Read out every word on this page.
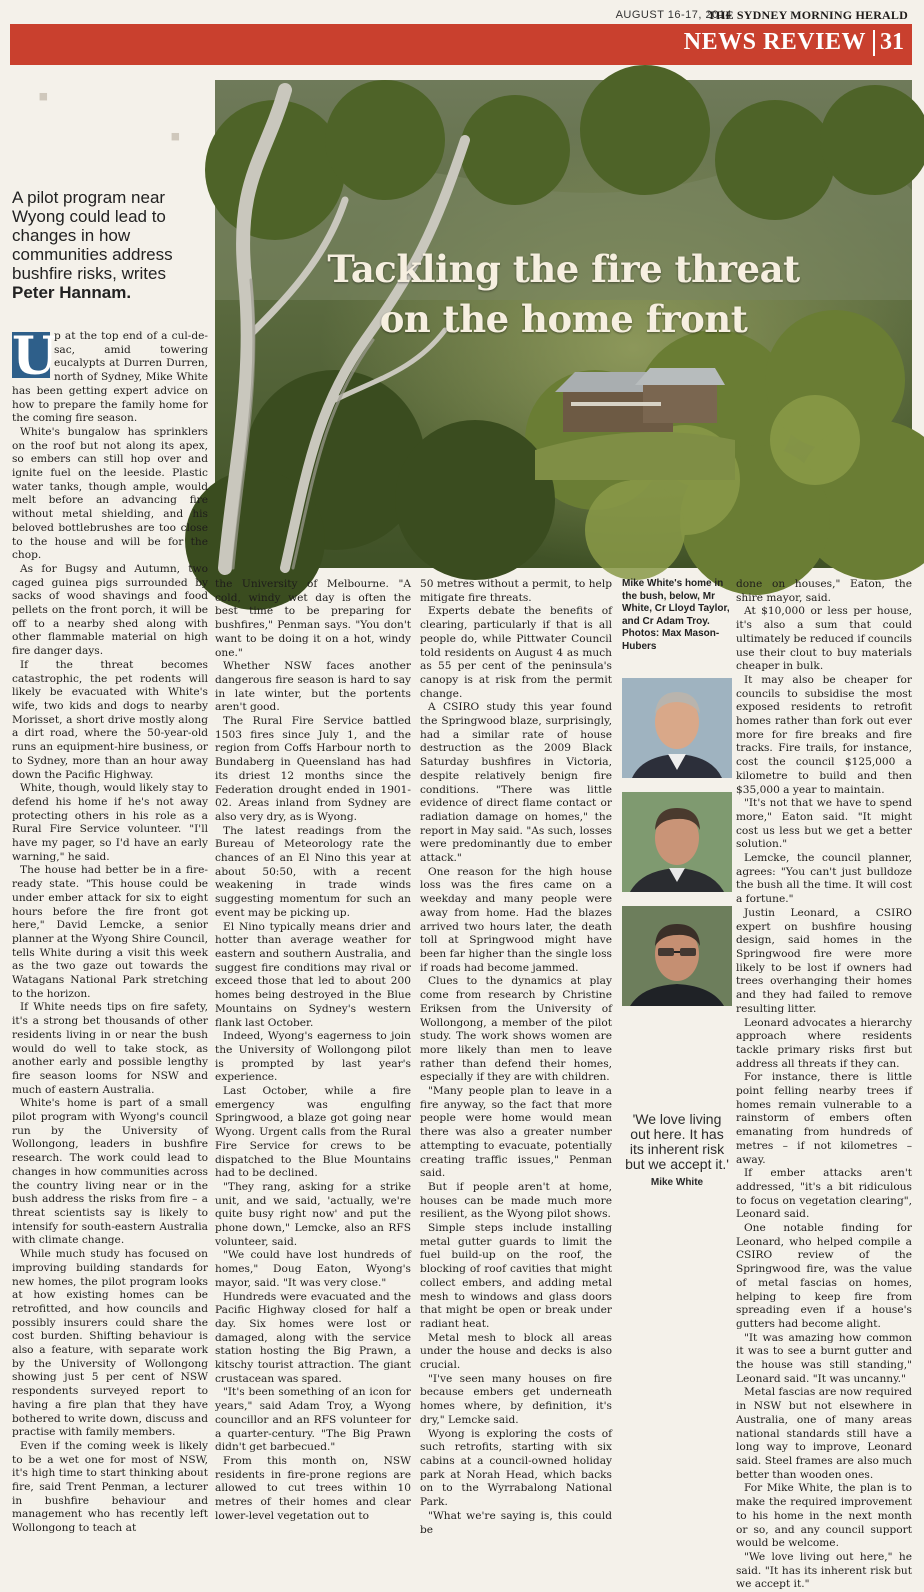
AUGUST 16-17, 2014
THE SYDNEY MORNING HERALD
NEWS REVIEW 31
▪
▪
A pilot program near Wyong could lead to changes in how communities address bushfire risks, writes Peter Hannam.
Tackling the fire threat
on the home front
U

p at the top end of a cul-de-sac, amid towering eucalypts at Durren Durren, north of Sydney, Mike White has been getting expert advice on how to prepare the family home for the coming fire season.

White's bungalow has sprinklers on the roof but not along its apex, so embers can still hop over and ignite fuel on the leeside. Plastic water tanks, though ample, would melt before an advancing fire without metal shielding, and his beloved bottlebrushes are too close to the house and will be for the chop.

As for Bugsy and Autumn, two caged guinea pigs surrounded by sacks of wood shavings and food pellets on the front porch, it will be off to a nearby shed along with other flammable material on high fire danger days.

If the threat becomes catastrophic, the pet rodents will likely be evacuated with White's wife, two kids and dogs to nearby Morisset, a short drive mostly along a dirt road, where the 50-year-old runs an equipment-hire business, or to Sydney, more than an hour away down the Pacific Highway.

White, though, would likely stay to defend his home if he's not away protecting others in his role as a Rural Fire Service volunteer. "I'll have my pager, so I'd have an early warning," he said.

The house had better be in a fire-ready state. "This house could be under ember attack for six to eight hours before the fire front got here," David Lemcke, a senior planner at the Wyong Shire Council, tells White during a visit this week as the two gaze out towards the Watagans National Park stretching to the horizon.

If White needs tips on fire safety, it's a strong bet thousands of other residents living in or near the bush would do well to take stock, as another early and possible lengthy fire season looms for NSW and much of eastern Australia.

White's home is part of a small pilot program with Wyong's council run by the University of Wollongong, leaders in bushfire research. The work could lead to changes in how communities across the country living near or in the bush address the risks from fire – a threat scientists say is likely to intensify for south-eastern Australia with climate change.

While much study has focused on improving building standards for new homes, the pilot program looks at how existing homes can be retrofitted, and how councils and possibly insurers could share the cost burden. Shifting behaviour is also a feature, with separate work by the University of Wollongong showing just 5 per cent of NSW respondents surveyed report to having a fire plan that they have bothered to write down, discuss and practise with family members.

Even if the coming week is likely to be a wet one for most of NSW, it's high time to start thinking about fire, said Trent Penman, a lecturer in bushfire behaviour and management who has recently left Wollongong to teach at

the University of Melbourne. "A cold, windy wet day is often the best time to be preparing for bushfires," Penman says. "You don't want to be doing it on a hot, windy one."

Whether NSW faces another dangerous fire season is hard to say in late winter, but the portents aren't good.

The Rural Fire Service battled 1503 fires since July 1, and the region from Coffs Harbour north to Bundaberg in Queensland has had its driest 12 months since the Federation drought ended in 1901-02. Areas inland from Sydney are also very dry, as is Wyong.

The latest readings from the Bureau of Meteorology rate the chances of an El Nino this year at about 50:50, with a recent weakening in trade winds suggesting momentum for such an event may be picking up.

El Nino typically means drier and hotter than average weather for eastern and southern Australia, and suggest fire conditions may rival or exceed those that led to about 200 homes being destroyed in the Blue Mountains on Sydney's western flank last October.

Indeed, Wyong's eagerness to join the University of Wollongong pilot is prompted by last year's experience.

Last October, while a fire emergency was engulfing Springwood, a blaze got going near Wyong. Urgent calls from the Rural Fire Service for crews to be dispatched to the Blue Mountains had to be declined.

"They rang, asking for a strike unit, and we said, 'actually, we're quite busy right now' and put the phone down," Lemcke, also an RFS volunteer, said.

"We could have lost hundreds of homes," Doug Eaton, Wyong's mayor, said. "It was very close."

Hundreds were evacuated and the Pacific Highway closed for half a day. Six homes were lost or damaged, along with the service station hosting the Big Prawn, a kitschy tourist attraction. The giant crustacean was spared.

"It's been something of an icon for years," said Adam Troy, a Wyong councillor and an RFS volunteer for a quarter-century. "The Big Prawn didn't get barbecued."

From this month on, NSW residents in fire-prone regions are allowed to cut trees within 10 metres of their homes and clear lower-level vegetation out to

50 metres without a permit, to help mitigate fire threats.

Experts debate the benefits of clearing, particularly if that is all people do, while Pittwater Council told residents on August 4 as much as 55 per cent of the peninsula's canopy is at risk from the permit change.

A CSIRO study this year found the Springwood blaze, surprisingly, had a similar rate of house destruction as the 2009 Black Saturday bushfires in Victoria, despite relatively benign fire conditions. "There was little evidence of direct flame contact or radiation damage on homes," the report in May said. "As such, losses were predominantly due to ember attack."

One reason for the high house loss was the fires came on a weekday and many people were away from home. Had the blazes arrived two hours later, the death toll at Springwood might have been far higher than the single loss if roads had become jammed.

Clues to the dynamics at play come from research by Christine Eriksen from the University of Wollongong, a member of the pilot study. The work shows women are more likely than men to leave rather than defend their homes, especially if they are with children.

"Many people plan to leave in a fire anyway, so the fact that more people were home would mean there was also a greater number attempting to evacuate, potentially creating traffic issues," Penman said.

But if people aren't at home, houses can be made much more resilient, as the Wyong pilot shows.

Simple steps include installing metal gutter guards to limit the fuel build-up on the roof, the blocking of roof cavities that might collect embers, and adding metal mesh to windows and glass doors that might be open or break under radiant heat.

Metal mesh to block all areas under the house and decks is also crucial.

"I've seen many houses on fire because embers get underneath homes where, by definition, it's dry," Lemcke said.

Wyong is exploring the costs of such retrofits, starting with six cabins at a council-owned holiday park at Norah Head, which backs on to the Wyrrabalong National Park.

"What we're saying is, this could be

done on houses," Eaton, the shire mayor, said.

At $10,000 or less per house, it's also a sum that could ultimately be reduced if councils use their clout to buy materials cheaper in bulk.

It may also be cheaper for councils to subsidise the most exposed residents to retrofit homes rather than fork out ever more for fire breaks and fire tracks. Fire trails, for instance, cost the council $125,000 a kilometre to build and then $35,000 a year to maintain.

"It's not that we have to spend more," Eaton said. "It might cost us less but we get a better solution."

Lemcke, the council planner, agrees: "You can't just bulldoze the bush all the time. It will cost a fortune."

Justin Leonard, a CSIRO expert on bushfire housing design, said homes in the Springwood fire were more likely to be lost if owners had trees overhanging their homes and they had failed to remove resulting litter.

Leonard advocates a hierarchy approach where residents tackle primary risks first but address all threats if they can.

For instance, there is little point felling nearby trees if homes remain vulnerable to a rainstorm of embers often emanating from hundreds of metres – if not kilometres – away.

If ember attacks aren't addressed, "it's a bit ridiculous to focus on vegetation clearing", Leonard said.

One notable finding for Leonard, who helped compile a CSIRO review of the Springwood fire, was the value of metal fascias on homes, helping to keep fire from spreading even if a house's gutters had become alight.

"It was amazing how common it was to see a burnt gutter and the house was still standing," Leonard said. "It was uncanny."

Metal fascias are now required in NSW but not elsewhere in Australia, one of many areas national standards still have a long way to improve, Leonard said. Steel frames are also much better than wooden ones.

For Mike White, the plan is to make the required improvement to his home in the next month or so, and any council support would be welcome.

"We love living out here," he said. "It has its inherent risk but we accept it."

Mike White's home in the bush, below, Mr White, Cr Lloyd Taylor, and Cr Adam Troy. Photos: Max Mason-Hubers
'We love living out here. It has its inherent risk but we accept it.'
Mike White
